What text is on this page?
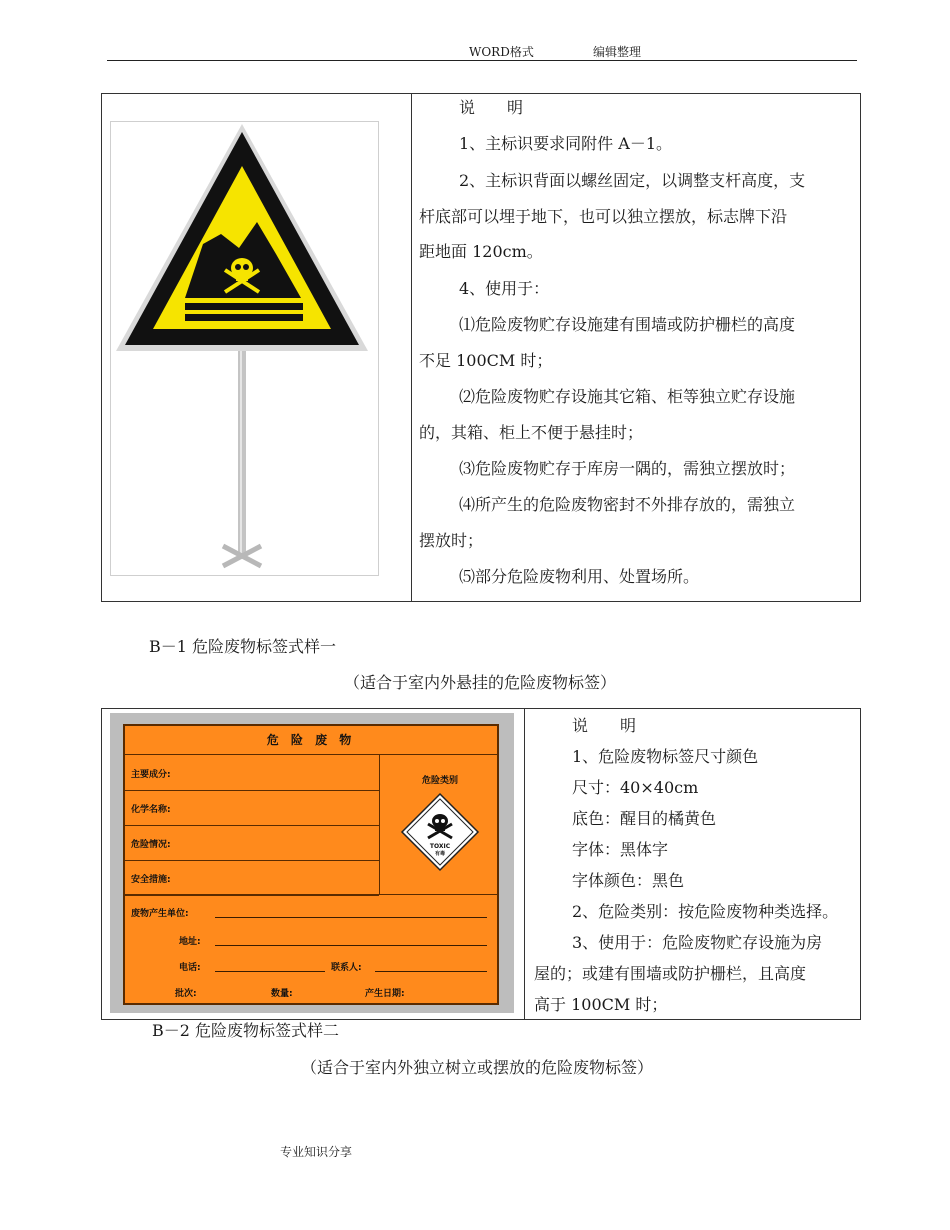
WORD格式	编辑整理
说　　明
1、主标识要求同附件 A－1。
2、主标识背面以螺丝固定，以调整支杆高度，支
杆底部可以埋于地下，也可以独立摆放，标志牌下沿
距地面 120cm。
4、使用于：
⑴危险废物贮存设施建有围墙或防护栅栏的高度
不足 100CM 时；
⑵危险废物贮存设施其它箱、柜等独立贮存设施
的，其箱、柜上不便于悬挂时；
⑶危险废物贮存于库房一隅的，需独立摆放时；
⑷所产生的危险废物密封不外排存放的，需独立
摆放时；
⑸部分危险废物利用、处置场所。
B－1 危险废物标签式样一
（适合于室内外悬挂的危险废物标签）
危 险 废 物
主要成分:
化学名称:
危险情况:
安全措施:
危险类别
TOXIC
有毒
废物产生单位:
地址:
电话:	联系人:
批次:	数量:	产生日期:
说　　明
1、危险废物标签尺寸颜色
尺寸：40×40cm
底色：醒目的橘黄色
字体：黑体字
字体颜色：黑色
2、危险类别：按危险废物种类选择。
3、使用于：危险废物贮存设施为房
屋的；或建有围墙或防护栅栏，且高度
高于 100CM 时；
B－2 危险废物标签式样二
（适合于室内外独立树立或摆放的危险废物标签）
专业知识分享
